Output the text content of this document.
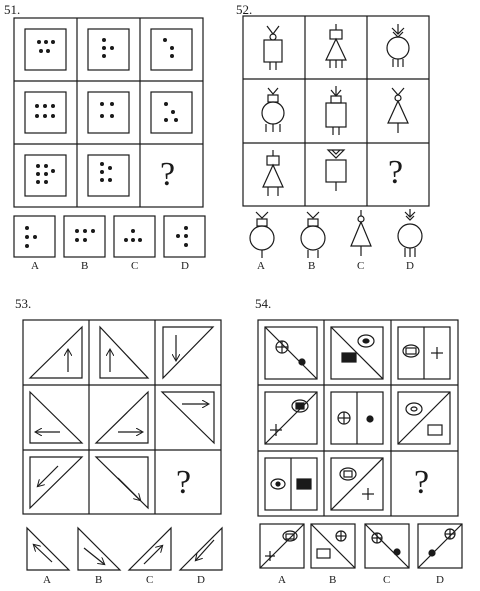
51.	52.
53.	54.
?	?
?	?
A	B	C	D	A	B	C	D
A	B	C	D	A	B	C	D
